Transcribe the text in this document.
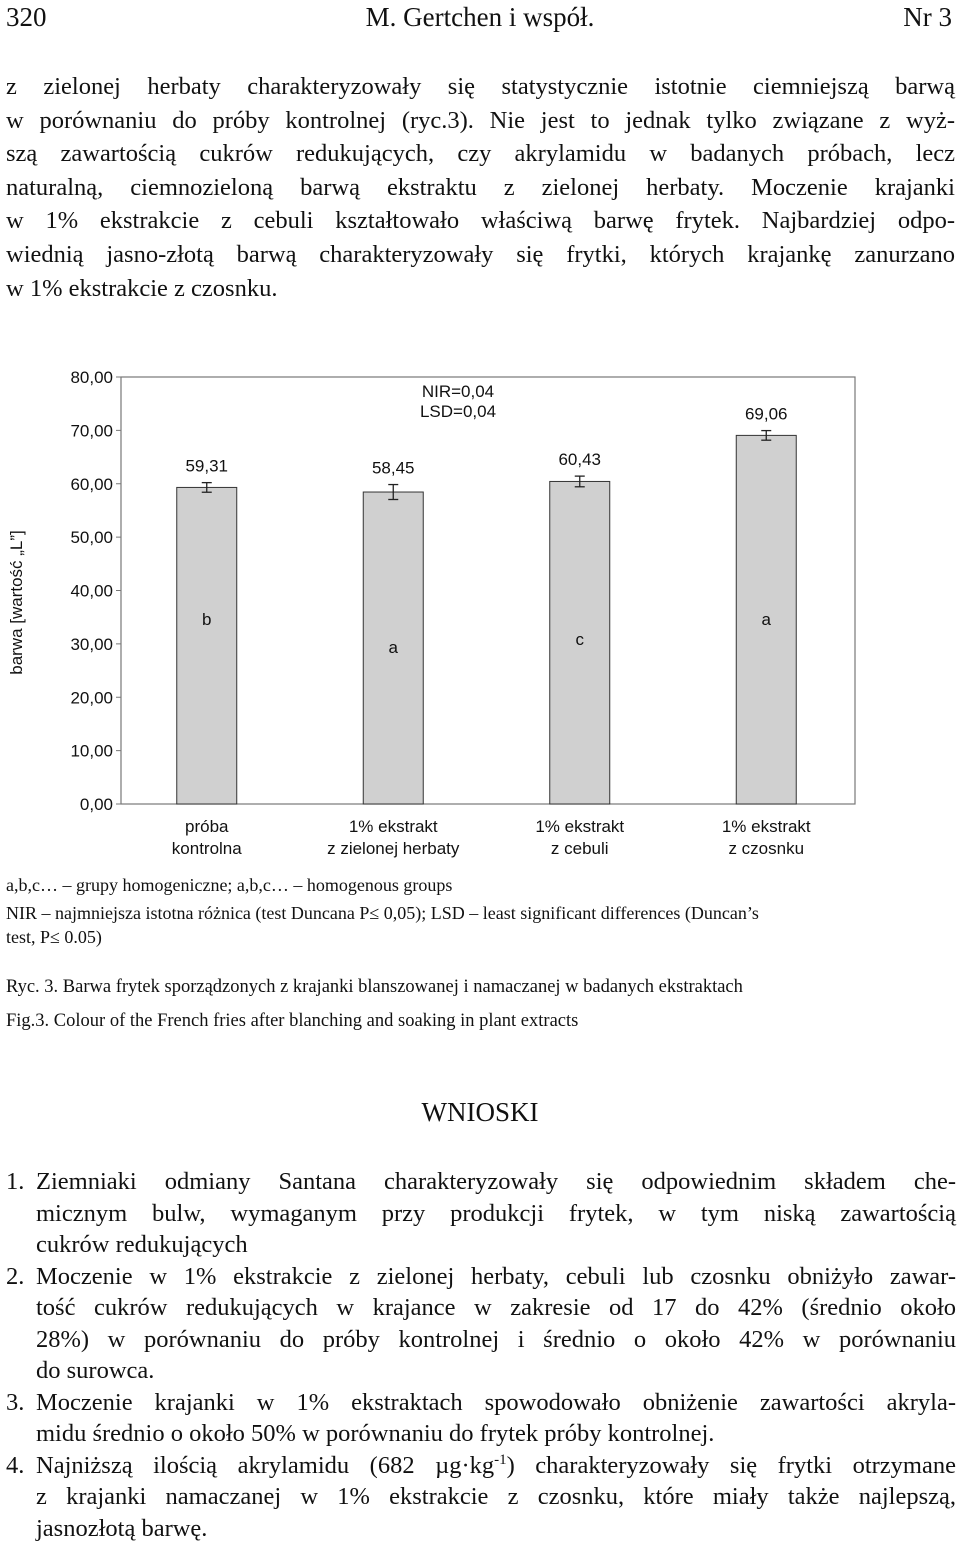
320	M. Gertchen i współ.	Nr 3
z zielonej herbaty charakteryzowały się statystycznie istotnie ciemniejszą barwą
w porównaniu do próby kontrolnej (ryc.3). Nie jest to jednak tylko związane z wyż-
szą zawartością cukrów redukujących, czy akrylamidu w badanych próbach, lecz
naturalną, ciemnozieloną barwą ekstraktu z zielonej herbaty. Moczenie krajanki
w 1% ekstrakcie z cebuli kształtowało właściwą barwę frytek. Najbardziej odpo-
wiednią jasno-złotą barwą charakteryzowały się frytki, których krajankę zanurzano
w 1% ekstrakcie z czosnku.
0,00
10,00
20,00
30,00
40,00
50,00
60,00
70,00
80,00
barwa [wartość „L”]
59,31
b
próba
kontrolna
58,45
a
1% ekstrakt
z zielonej herbaty
60,43
c
1% ekstrakt
z cebuli
69,06
a
1% ekstrakt
z czosnku
NIR=0,04
LSD=0,04
a,b,c… – grupy homogeniczne; a,b,c… – homogenous groups
NIR – najmniejsza istotna różnica (test Duncana P≤ 0,05); LSD – least significant differences (Duncan’s
test, P≤ 0.05)
Ryc. 3. Barwa frytek sporządzonych z krajanki blanszowanej i namaczanej w badanych ekstraktach
Fig.3. Colour of the French fries after blanching and soaking in plant extracts
WNIOSKI
1. Ziemniaki odmiany Santana charakteryzowały się odpowiednim składem che-
micznym bulw, wymaganym przy produkcji frytek, w tym niską zawartością
cukrów redukujących
2. Moczenie w 1% ekstrakcie z zielonej herbaty, cebuli lub czosnku obniżyło zawar-
tość cukrów redukujących w krajance w zakresie od 17 do 42% (średnio około
28%) w porównaniu do próby kontrolnej i średnio o około 42% w porównaniu
do surowca.
3. Moczenie krajanki w 1% ekstraktach spowodowało obniżenie zawartości akryla-
midu średnio o około 50% w porównaniu do frytek próby kontrolnej.
4. Najniższą ilością akrylamidu (682 $\mu g\cdot kg^{-1}$) charakteryzowały się frytki otrzymane
z krajanki namaczanej w 1% ekstrakcie z czosnku, które miały także najlepszą,
jasnozłotą barwę.
